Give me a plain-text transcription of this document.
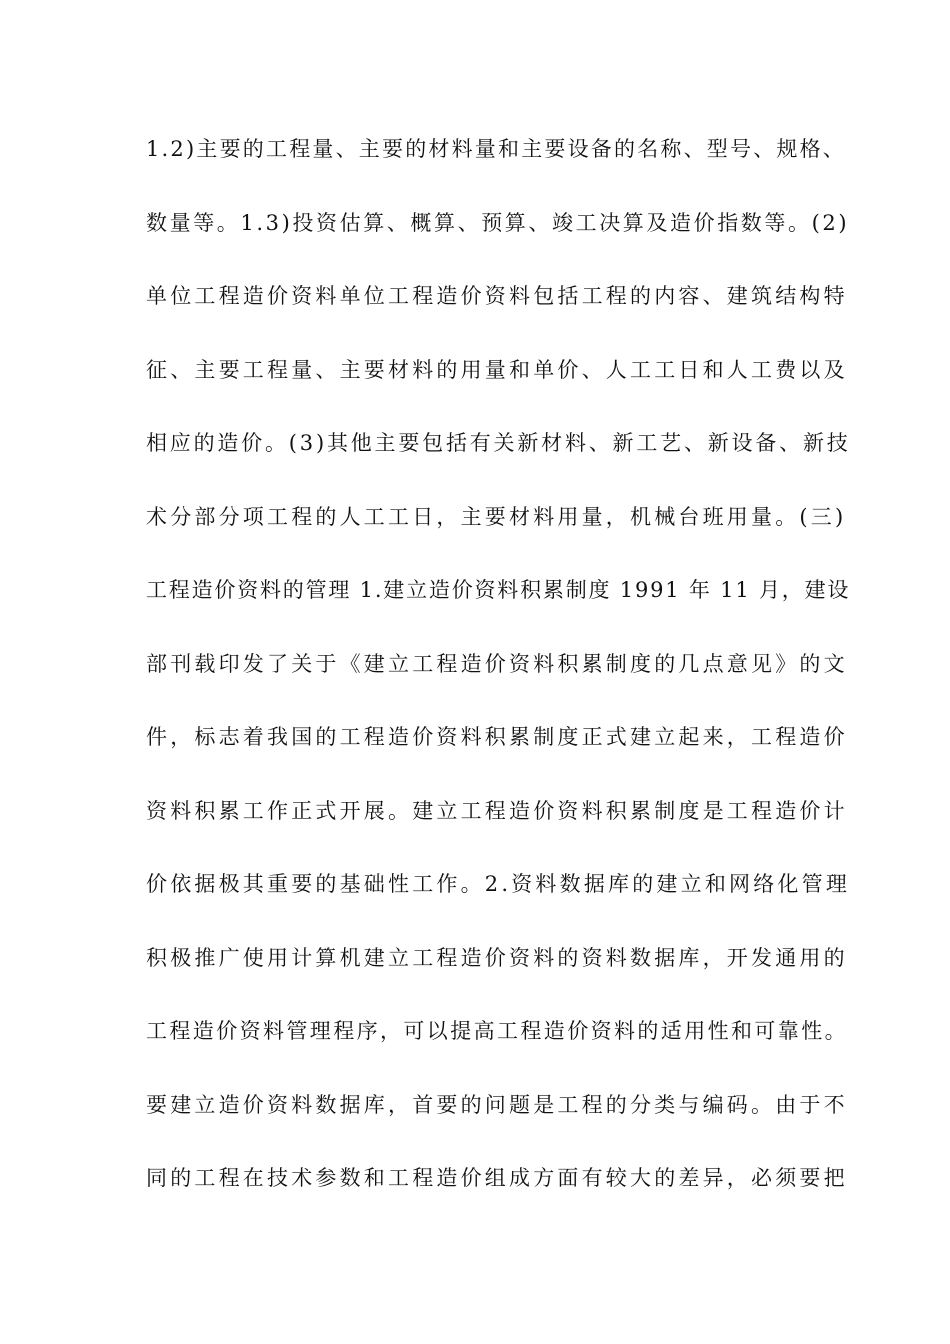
1.2)主要的工程量、主要的材料量和主要设备的名称、型号、规格、
数量等。1.3)投资估算、概算、预算、竣工决算及造价指数等。(2)
单位工程造价资料单位工程造价资料包括工程的内容、建筑结构特
征、主要工程量、主要材料的用量和单价、人工工日和人工费以及
相应的造价。(3)其他主要包括有关新材料、新工艺、新设备、新技
术分部分项工程的人工工日，主要材料用量，机械台班用量。(三)
工程造价资料的管理 1.建立造价资料积累制度 1991 年 11 月，建设
部刊载印发了关于《建立工程造价资料积累制度的几点意见》的文
件，标志着我国的工程造价资料积累制度正式建立起来，工程造价
资料积累工作正式开展。建立工程造价资料积累制度是工程造价计
价依据极其重要的基础性工作。2.资料数据库的建立和网络化管理
积极推广使用计算机建立工程造价资料的资料数据库，开发通用的
工程造价资料管理程序，可以提高工程造价资料的适用性和可靠性。
要建立造价资料数据库，首要的问题是工程的分类与编码。由于不
同的工程在技术参数和工程造价组成方面有较大的差异，必须要把
